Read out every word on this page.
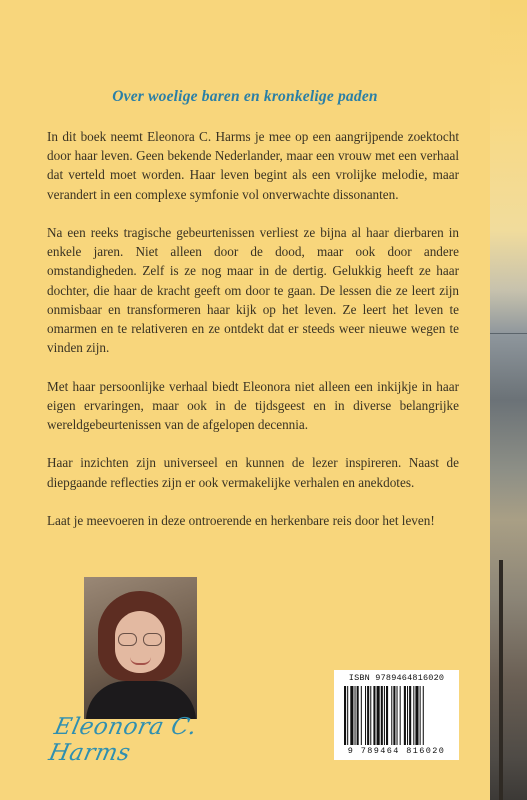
Over woelige baren en kronkelige paden

In dit boek neemt Eleonora C. Harms je mee op een aangrijpende zoektocht door haar leven. Geen bekende Nederlander, maar een vrouw met een verhaal dat verteld moet worden. Haar leven begint als een vrolijke melodie, maar verandert in een complexe symfonie vol onverwachte dissonanten.

Na een reeks tragische gebeurtenissen verliest ze bijna al haar dierbaren in enkele jaren. Niet alleen door de dood, maar ook door andere omstandigheden. Zelf is ze nog maar in de dertig. Gelukkig heeft ze haar dochter, die haar de kracht geeft om door te gaan. De lessen die ze leert zijn onmisbaar en transformeren haar kijk op het leven. Ze leert het leven te omarmen en te relativeren en ze ontdekt dat er steeds weer nieuwe wegen te vinden zijn.

Met haar persoonlijke verhaal biedt Eleonora niet alleen een inkijkje in haar eigen ervaringen, maar ook in de tijdsgeest en in diverse belangrijke wereldgebeurtenissen van de afgelopen decennia.

Haar inzichten zijn universeel en kunnen de lezer inspireren. Naast de diepgaande reflecties zijn er ook vermakelijke verhalen en anekdotes.

Laat je meevoeren in deze ontroerende en herkenbare reis door het leven!

Eleonora C. Harms
ISBN 9789464816020
9 789464 816020
